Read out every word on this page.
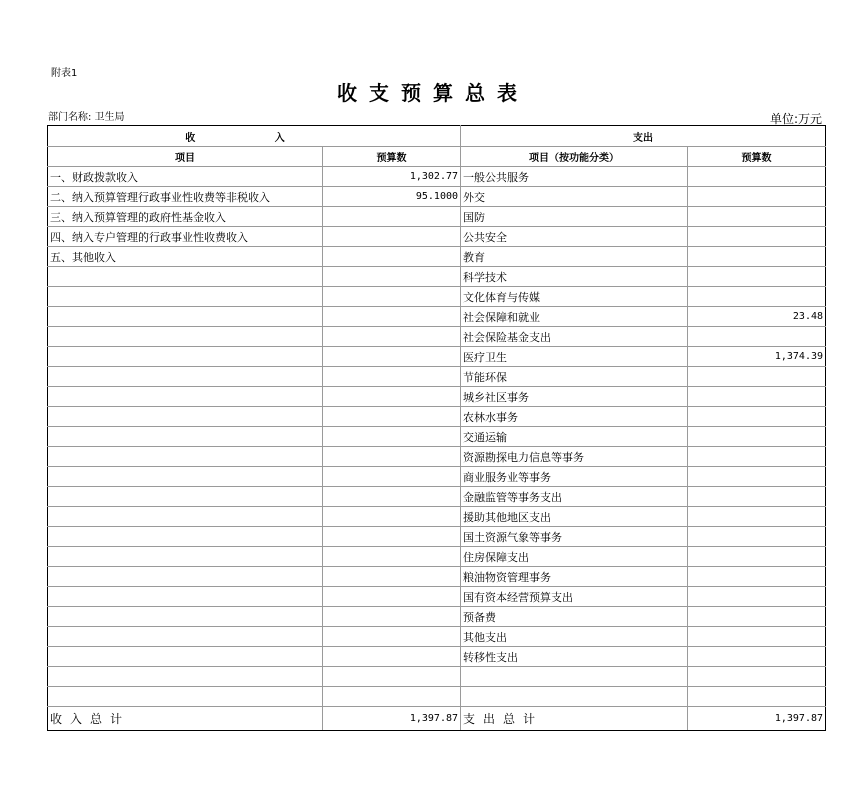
附表1
收支预算总表
部门名称: 卫生局	单位:万元
收 入		支出	
项目	预算数	项目（按功能分类）	预算数
一、财政拨款收入	1,302.77	一般公共服务	
二、纳入预算管理行政事业性收费等非税收入	95.1000	外交	
三、纳入预算管理的政府性基金收入		国防	
四、纳入专户管理的行政事业性收费收入		公共安全	
五、其他收入		教育	
		科学技术	
		文化体育与传媒	
		社会保障和就业	23.48
		社会保险基金支出	
		医疗卫生	1,374.39
		节能环保	
		城乡社区事务	
		农林水事务	
		交通运输	
		资源勘探电力信息等事务	
		商业服务业等事务	
		金融监管等事务支出	
		援助其他地区支出	
		国土资源气象等事务	
		住房保障支出	
		粮油物资管理事务	
		国有资本经营预算支出	
		预备费	
		其他支出	
		转移性支出	

收入总计	1,397.87	支出总计	1,397.87
